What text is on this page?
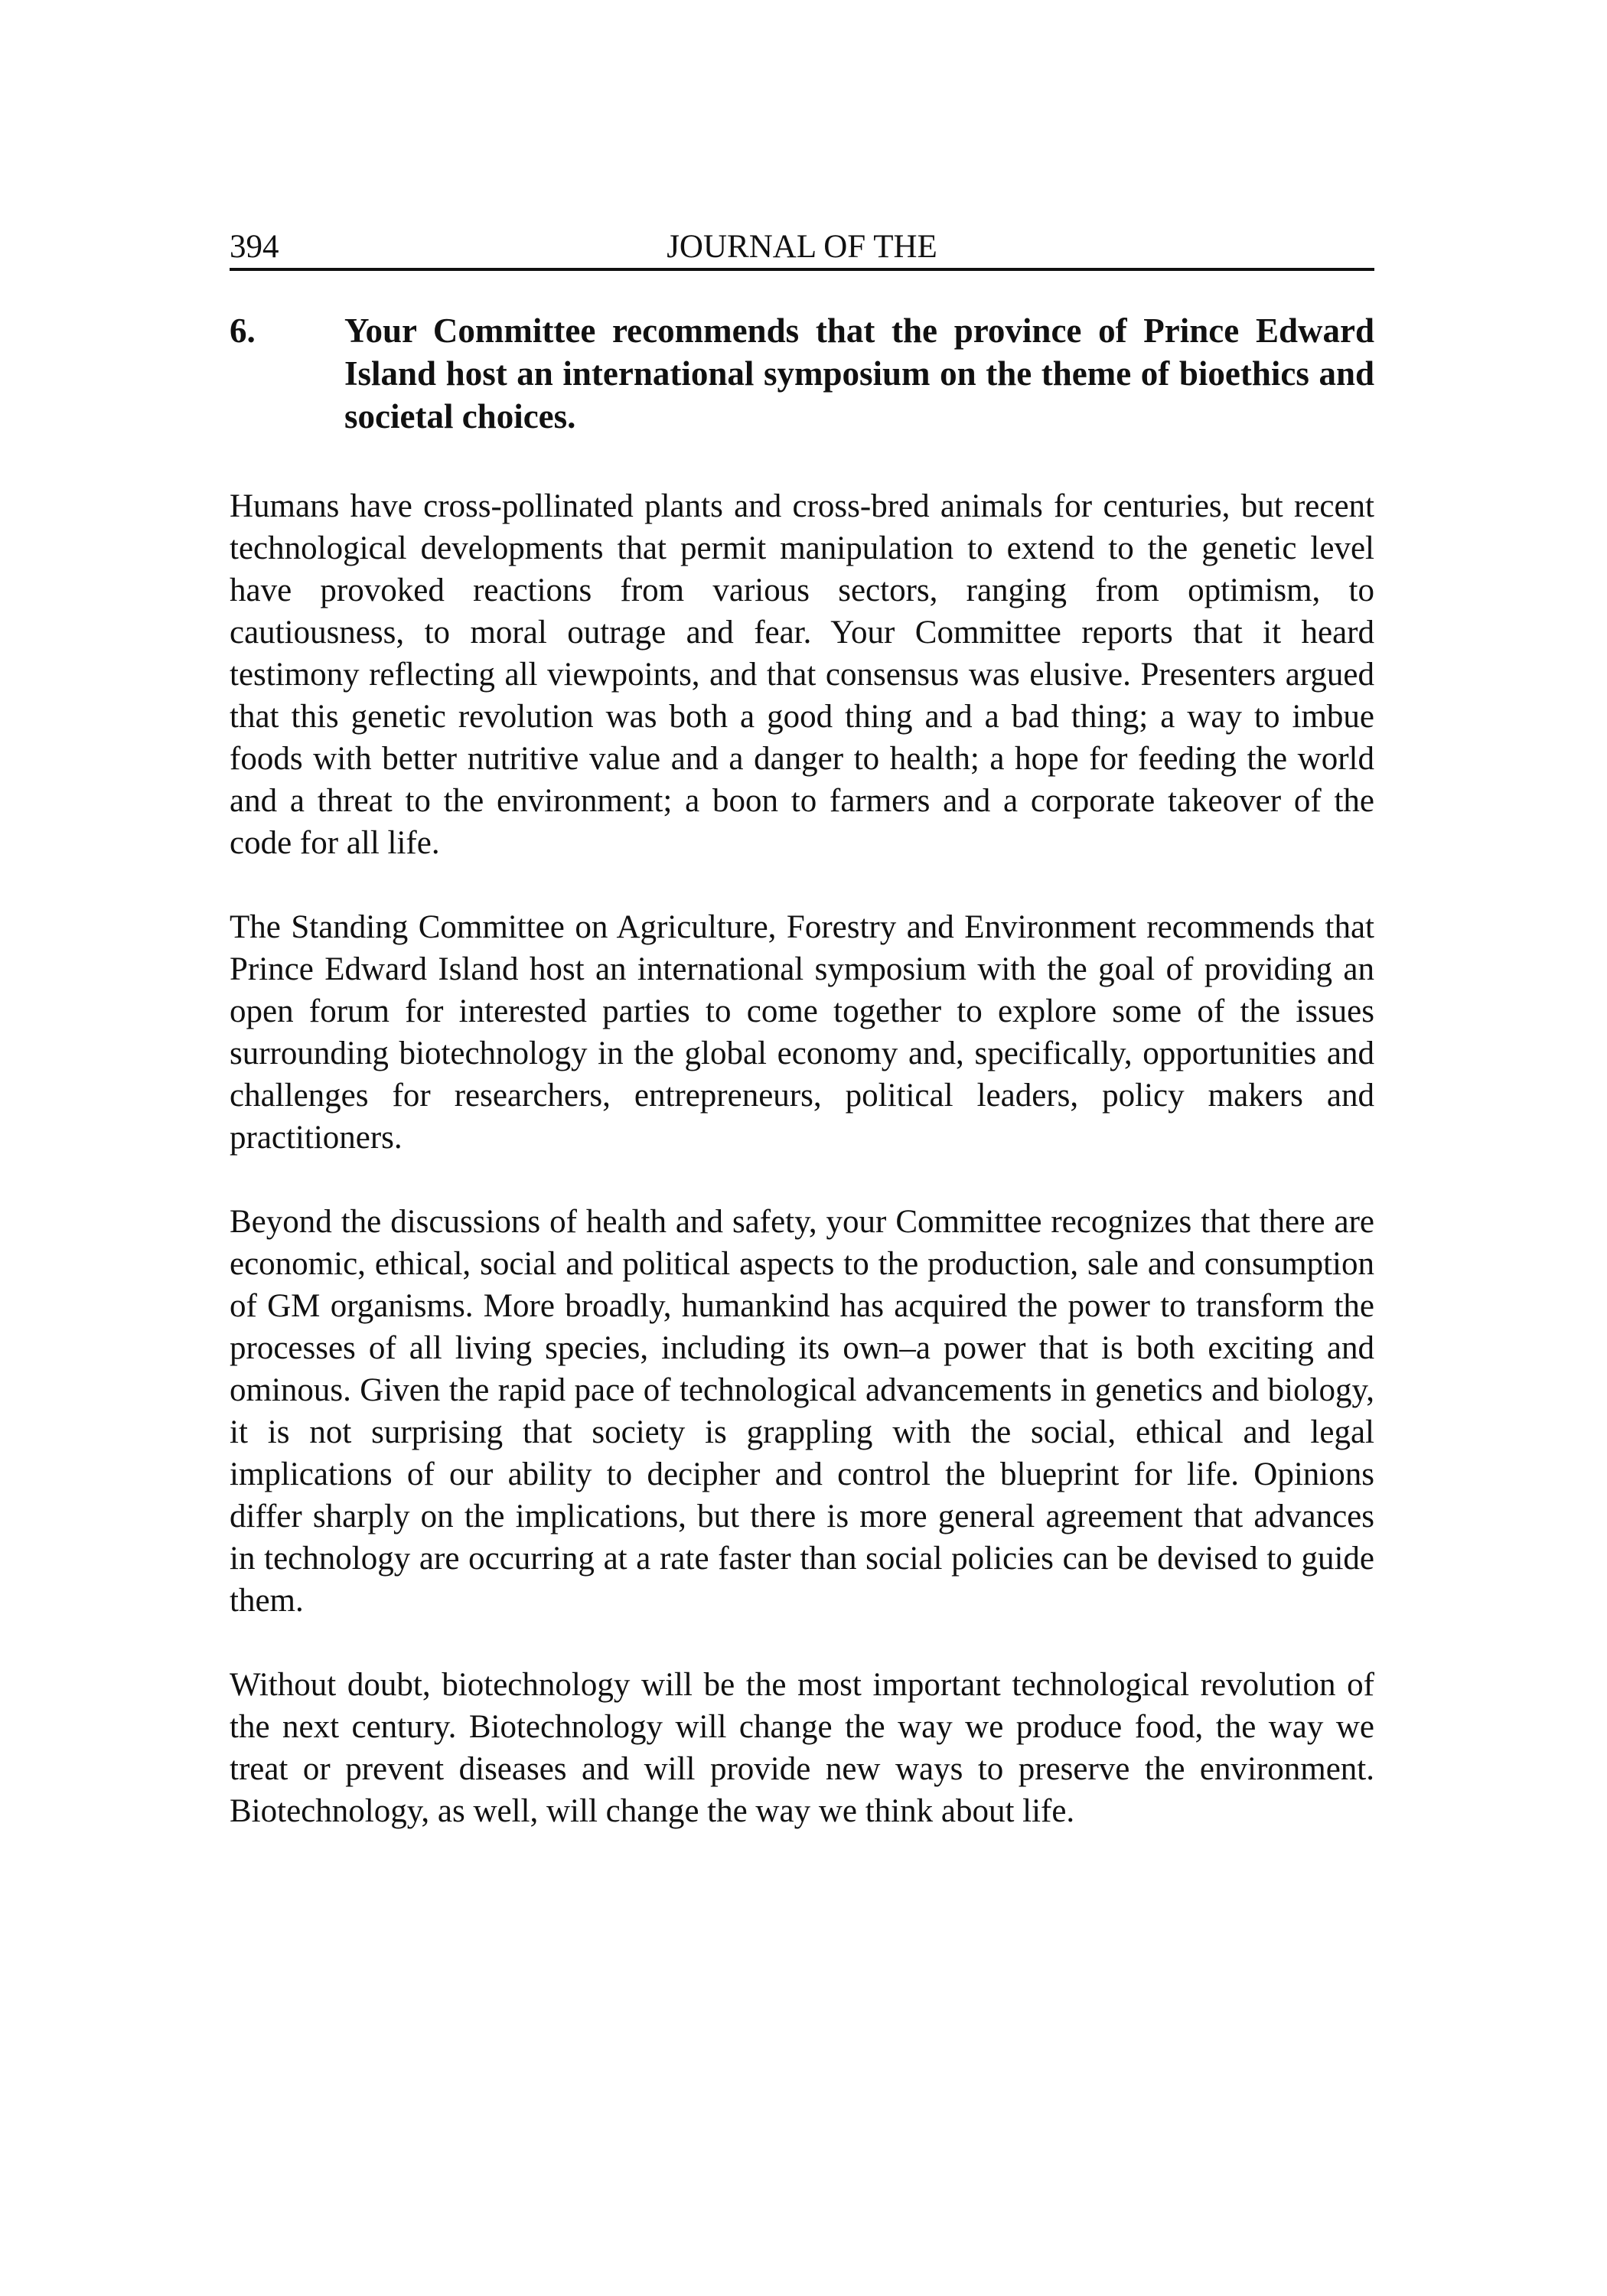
394	JOURNAL OF THE
6.	Your Committee recommends that the province of Prince Edward Island host an international symposium on the theme of bioethics and societal choices.

Humans have cross-pollinated plants and cross-bred animals for centuries, but recent technological developments that permit manipulation to extend to the genetic level have provoked reactions from various sectors, ranging from optimism, to cautiousness, to moral outrage and fear. Your Committee reports that it heard testimony reflecting all viewpoints, and that consensus was elusive. Presenters argued that this genetic revolution was both a good thing and a bad thing; a way to imbue foods with better nutritive value and a danger to health; a hope for feeding the world and a threat to the environment; a boon to farmers and a corporate takeover of the code for all life.

The Standing Committee on Agriculture, Forestry and Environment recommends that Prince Edward Island host an international symposium with the goal of providing an open forum for interested parties to come together to explore some of the issues surrounding biotechnology in the global economy and, specifically, opportunities and challenges for researchers, entrepreneurs, political leaders, policy makers and practitioners.

Beyond the discussions of health and safety, your Committee recognizes that there are economic, ethical, social and political aspects to the production, sale and consumption of GM organisms. More broadly, humankind has acquired the power to transform the processes of all living species, including its own–a power that is both exciting and ominous. Given the rapid pace of technological advancements in genetics and biology, it is not surprising that society is grappling with the social, ethical and legal implications of our ability to decipher and control the blueprint for life. Opinions differ sharply on the implications, but there is more general agreement that advances in technology are occurring at a rate faster than social policies can be devised to guide them.

Without doubt, biotechnology will be the most important technological revolution of the next century. Biotechnology will change the way we produce food, the way we treat or prevent diseases and will provide new ways to preserve the environment. Biotechnology, as well, will change the way we think about life.
